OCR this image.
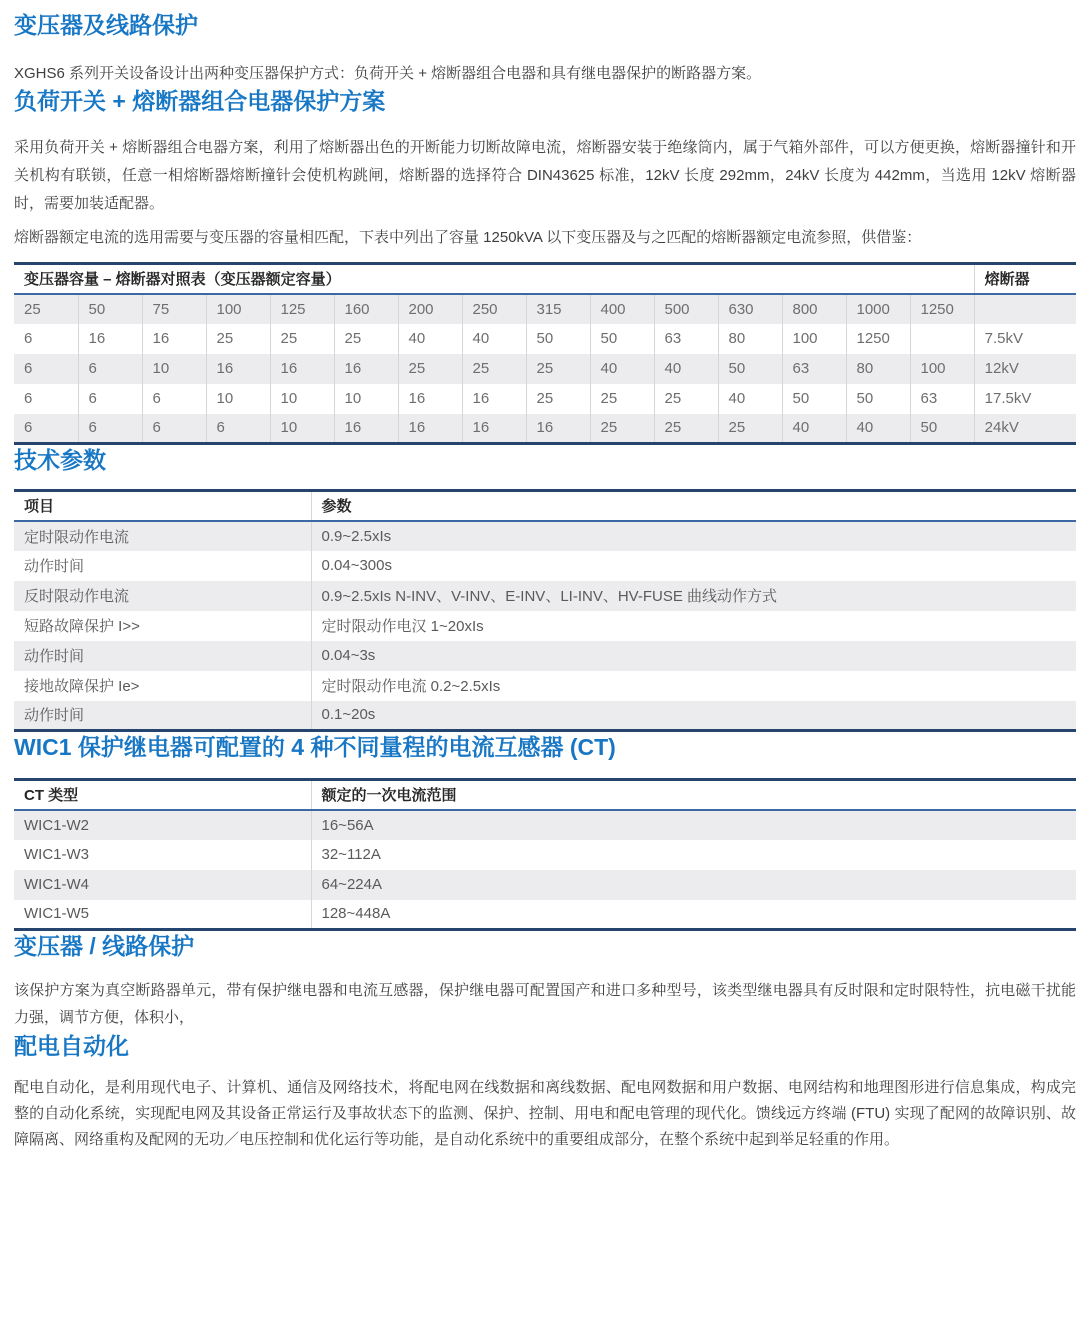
变压器及线路保护

XGHS6 系列开关设备设计出两种变压器保护方式：负荷开关 + 熔断器组合电器和具有继电器保护的断路器方案。

负荷开关 + 熔断器组合电器保护方案

采用负荷开关 + 熔断器组合电器方案，利用了熔断器出色的开断能力切断故障电流，熔断器安装于绝缘筒内，属于气箱外部件，可以方便更换，熔断器撞针和开关机构有联锁，任意一相熔断器熔断撞针会使机构跳闸，熔断器的选择符合 DIN43625 标准，12kV 长度 292mm，24kV 长度为 442mm，当选用 12kV 熔断器时，需要加装适配器。

熔断器额定电流的选用需要与变压器的容量相匹配，下表中列出了容量 1250kVA 以下变压器及与之匹配的熔断器额定电流参照，供借鉴：

变压器容量 – 熔断器对照表（变压器额定容量）															熔断器
25	50	75	100	125	160	200	250	315	400	500	630	800	1000	1250	
6	16	16	25	25	25	40	40	50	50	63	80	100	1250		7.5kV
6	6	10	16	16	16	25	25	25	40	40	50	63	80	100	12kV
6	6	6	10	10	10	16	16	25	25	25	40	50	50	63	17.5kV
6	6	6	6	10	16	16	16	16	25	25	25	40	40	50	24kV
技术参数
项目	参数
定时限动作电流	0.9~2.5xIs
动作时间	0.04~300s
反时限动作电流	0.9~2.5xIs N-INV、V-INV、E-INV、LI-INV、HV-FUSE 曲线动作方式
短路故障保护 I>>	定时限动作电汉 1~20xIs
动作时间	0.04~3s
接地故障保护 Ie>	定时限动作电流 0.2~2.5xIs
动作时间	0.1~20s
WIC1 保护继电器可配置的 4 种不同量程的电流互感器 (CT)
CT 类型	额定的一次电流范围
WIC1-W2	16~56A
WIC1-W3	32~112A
WIC1-W4	64~224A
WIC1-W5	128~448A
变压器 / 线路保护

该保护方案为真空断路器单元，带有保护继电器和电流互感器，保护继电器可配置国产和进口多种型号，该类型继电器具有反时限和定时限特性，抗电磁干扰能力强，调节方便，体积小，

配电自动化

配电自动化，是利用现代电子、计算机、通信及网络技术，将配电网在线数据和离线数据、配电网数据和用户数据、电网结构和地理图形进行信息集成，构成完整的自动化系统，实现配电网及其设备正常运行及事故状态下的监测、保护、控制、用电和配电管理的现代化。馈线远方终端 (FTU) 实现了配网的故障识别、故障隔离、网络重构及配网的无功／电压控制和优化运行等功能，是自动化系统中的重要组成部分，在整个系统中起到举足轻重的作用。
